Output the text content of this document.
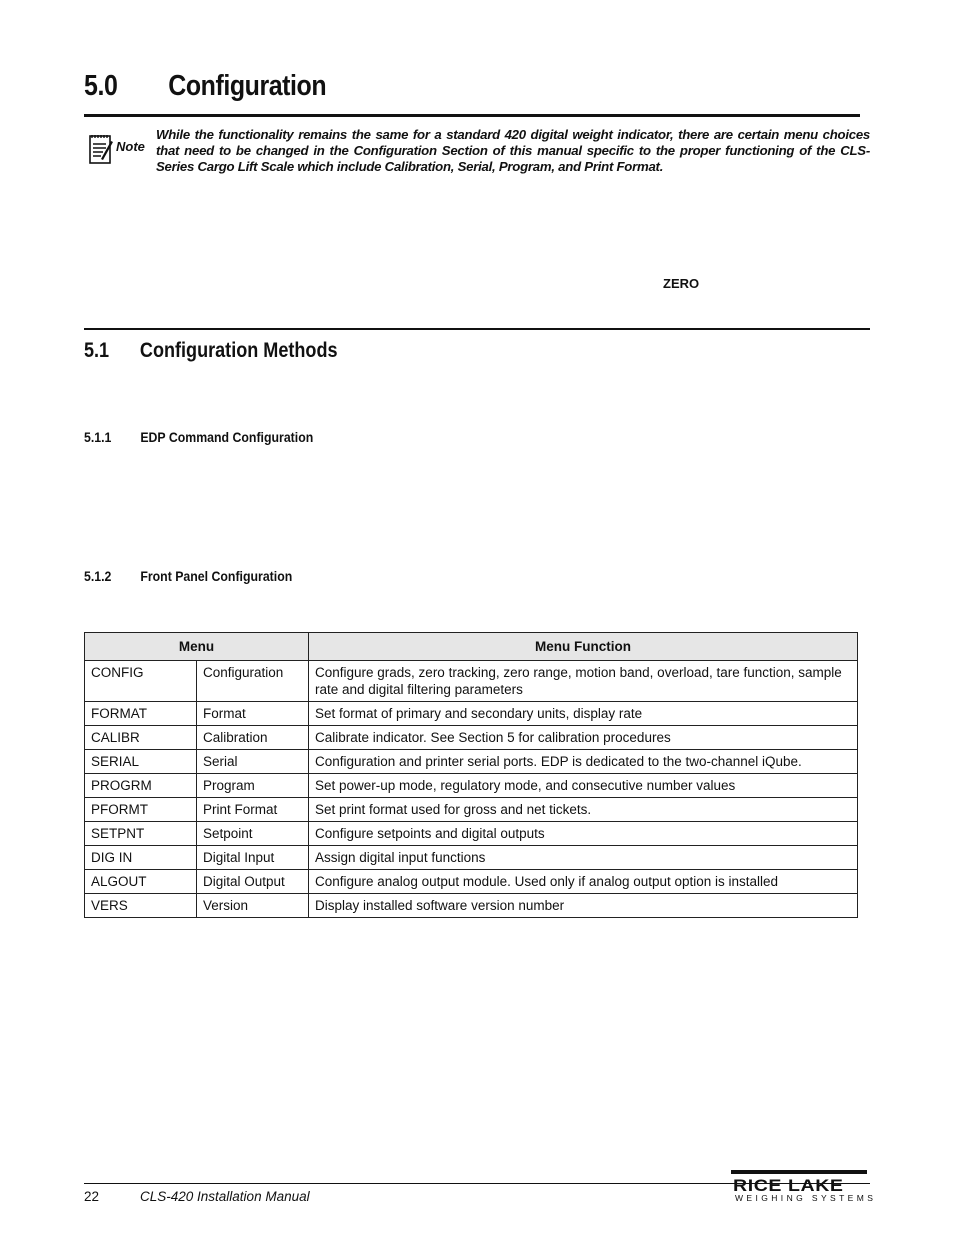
5.0 Configuration
Note
While the functionality remains the same for a standard 420 digital weight indicator, there are certain menu choices that need to be changed in the Configuration Section of this manual specific to the proper functioning of the CLS-Series Cargo Lift Scale which include Calibration, Serial, Program, and Print Format.
ZERO
5.1 Configuration Methods
5.1.1 EDP Command Configuration
5.1.2 Front Panel Configuration
Menu		Menu Function
CONFIG	Configuration	Configure grads, zero tracking, zero range, motion band, overload, tare function, sample rate and digital filtering parameters
FORMAT	Format	Set format of primary and secondary units, display rate
CALIBR	Calibration	Calibrate indicator. See Section 5 for calibration procedures
SERIAL	Serial	Configuration and printer serial ports. EDP is dedicated to the two-channel iQube.
PROGRM	Program	Set power-up mode, regulatory mode, and consecutive number values
PFORMT	Print Format	Set print format used for gross and net tickets.
SETPNT	Setpoint	Configure setpoints and digital outputs
DIG IN	Digital Input	Assign digital input functions
ALGOUT	Digital Output	Configure analog output module. Used only if analog output option is installed
VERS	Version	Display installed software version number
22	CLS-420 Installation Manual
RICE LAKE
WEIGHING SYSTEMS
